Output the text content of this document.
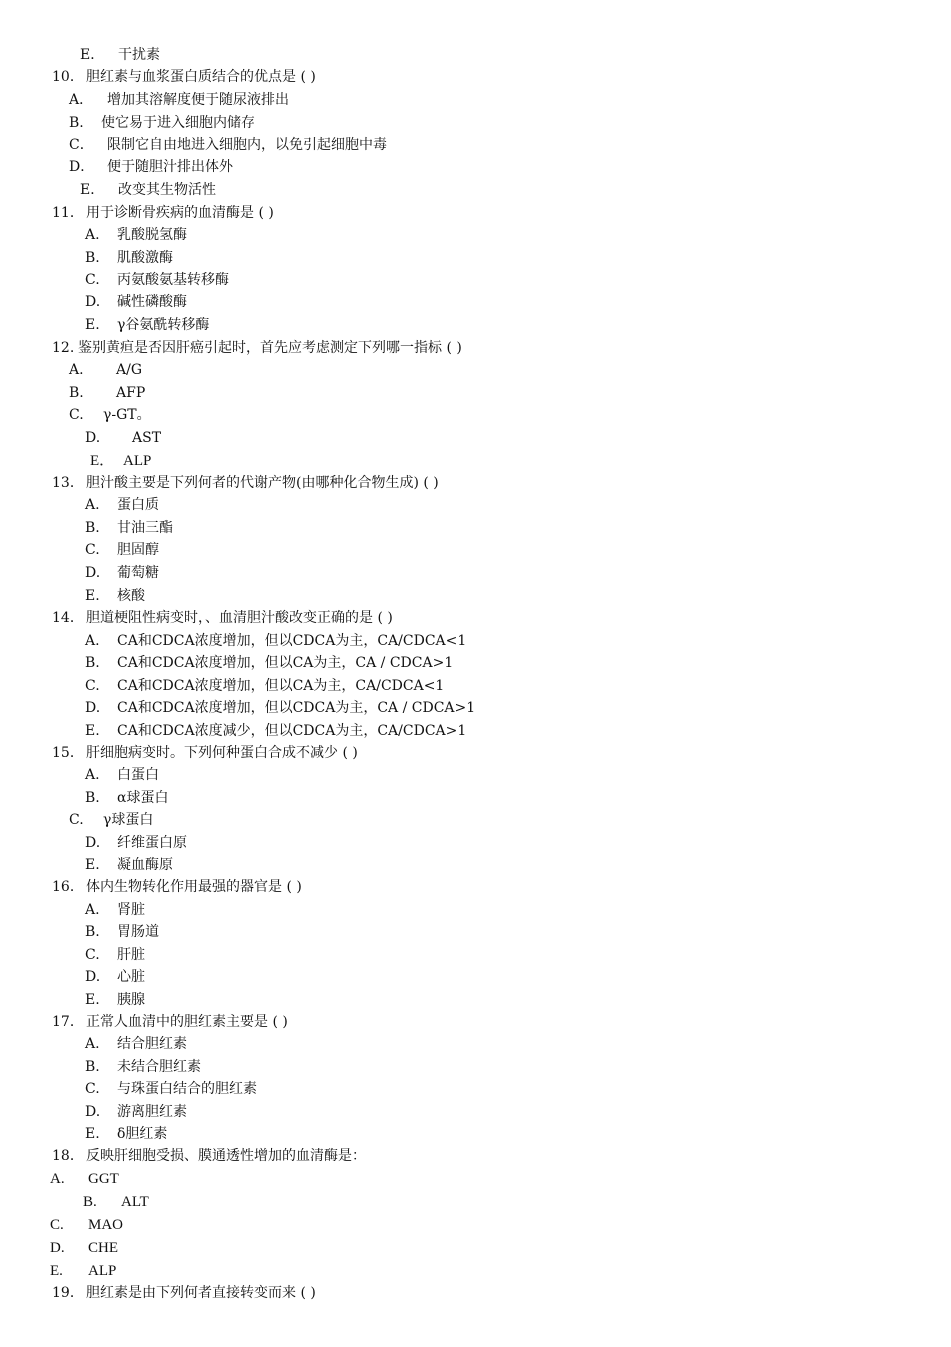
E． 干扰素
10． 胆红素与血浆蛋白质结合的优点是 ( )
A． 增加其溶解度便于随尿液排出
B. 使它易于进入细胞内储存
C． 限制它自由地进入细胞内，以免引起细胞中毒
D． 便于随胆汁排出体外
E． 改变其生物活性
11． 用于诊断骨疾病的血清酶是 ( )
A. 乳酸脱氢酶
B. 肌酸激酶
C. 丙氨酸氨基转移酶
D. 碱性磷酸酶
E. γ谷氨酰转移酶
12. 鉴别黄疸是否因肝癌引起时，首先应考虑测定下列哪一指标 ( )
A. A/G
B. AFP
C. γ-GT。
D. AST
E． ALP
13． 胆汁酸主要是下列何者的代谢产物(由哪种化合物生成) ( )
A. 蛋白质
B. 甘油三酯
C. 胆固醇
D. 葡萄糖
E. 核酸
14． 胆道梗阻性病变时，、血清胆汁酸改变正确的是 ( )
A. CA和CDCA浓度增加，但以CDCA为主，CA/CDCA<1
B. CA和CDCA浓度增加，但以CA为主，CA / CDCA>1
C. CA和CDCA浓度增加，但以CA为主，CA/CDCA<1
D. CA和CDCA浓度增加，但以CDCA为主，CA / CDCA>1
E. CA和CDCA浓度减少，但以CDCA为主，CA/CDCA>1
15． 肝细胞病变时。下列何种蛋白合成不减少 ( )
A. 白蛋白
B. α球蛋白
C. γ球蛋白
D. 纤维蛋白原
E. 凝血酶原
16． 体内生物转化作用最强的器官是 ( )
A. 肾脏
B. 胃肠道
C. 肝脏
D. 心脏
E. 胰腺
17． 正常人血清中的胆红素主要是 ( )
A. 结合胆红素
B. 未结合胆红素
C. 与珠蛋白结合的胆红素
D. 游离胆红素
E. δ胆红素
18． 反映肝细胞受损、膜通透性增加的血清酶是：
A. GGT
B. ALT
C. MAO
D. CHE
E. ALP
19． 胆红素是由下列何者直接转变而来 ( )
